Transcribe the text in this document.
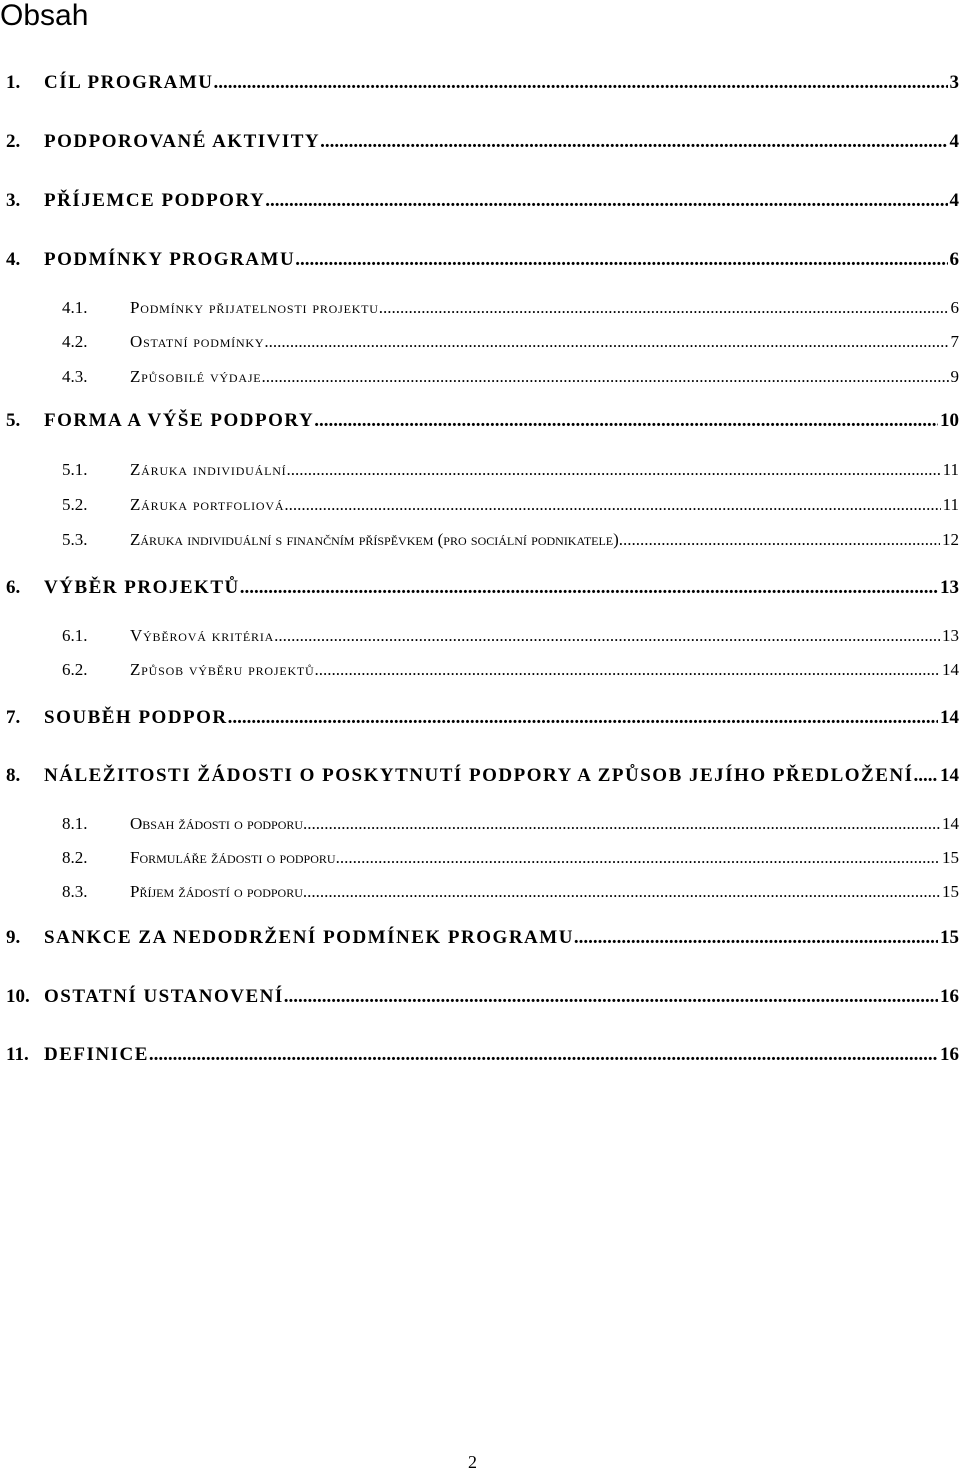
Obsah
1.	CÍL PROGRAMU .....	3
2.	PODPOROVANÉ AKTIVITY .....	4
3.	PŘÍJEMCE PODPORY .....	4
4.	PODMÍNKY PROGRAMU .....	6
4.1.	Podmínky přijatelnosti projektu .....	6
4.2.	Ostatní podmínky .....	7
4.3.	Způsobilé výdaje .....	9
5.	FORMA A VÝŠE PODPORY .....	10
5.1.	Záruka individuální .....	11
5.2.	Záruka portfoliová .....	11
5.3.	Záruka individuální s finančním příspěvkem (pro sociální podnikatele) .....	12
6.	VÝBĚR PROJEKTŮ .....	13
6.1.	Výběrová kritéria .....	13
6.2.	Způsob výběru projektů .....	14
7.	SOUBĚH PODPOR .....	14
8.	NÁLEŽITOSTI ŽÁDOSTI O POSKYTNUTÍ PODPORY A ZPŮSOB JEJÍHO PŘEDLOŽENÍ ..... 14
8.1.	Obsah žádosti o podporu .....	14
8.2.	Formuláře žádosti o podporu .....	15
8.3.	Příjem žádostí o podporu .....	15
9.	SANKCE ZA NEDODRŽENÍ PODMÍNEK PROGRAMU .....	15
10. OSTATNÍ USTANOVENÍ .....	16
11. DEFINICE .....	16
2
